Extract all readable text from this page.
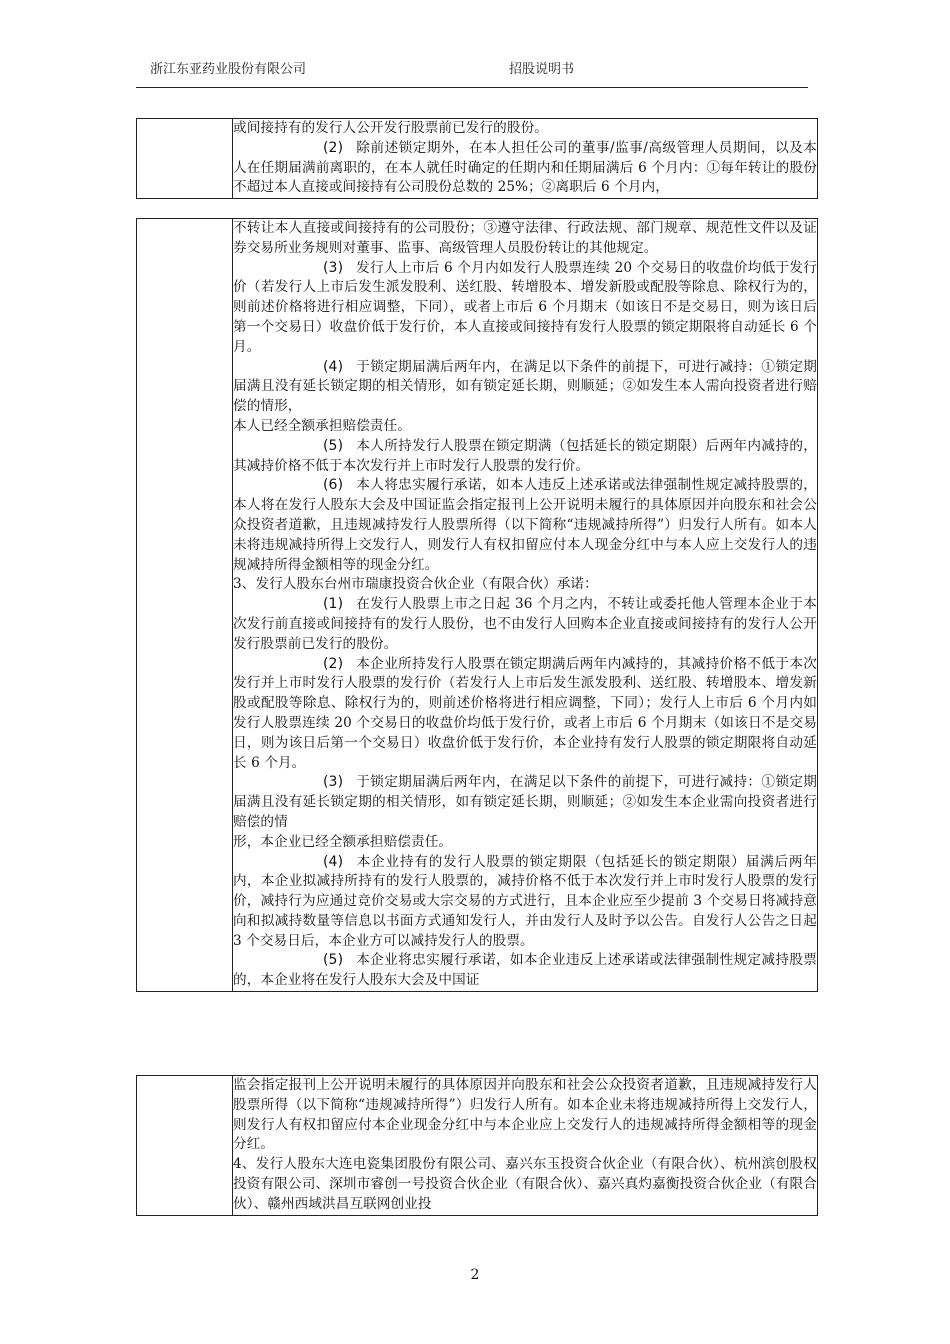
浙江东亚药业股份有限公司	招股说明书

或间接持有的发行人公开发行股票前已发行的股份。

(2) 除前述锁定期外，在本人担任公司的董事/监事/高级管理人员期间，以及本人在任期届满前离职的，在本人就任时确定的任期内和任期届满后 6 个月内：①每年转让的股份不超过本人直接或间接持有公司股份总数的 25%；②离职后 6 个月内，

不转让本人直接或间接持有的公司股份；③遵守法律、行政法规、部门规章、规范性文件以及证券交易所业务规则对董事、监事、高级管理人员股份转让的其他规定。

(3) 发行人上市后 6 个月内如发行人股票连续 20 个交易日的收盘价均低于发行价（若发行人上市后发生派发股利、送红股、转增股本、增发新股或配股等除息、除权行为的，则前述价格将进行相应调整，下同），或者上市后 6 个月期末（如该日不是交易日，则为该日后第一个交易日）收盘价低于发行价，本人直接或间接持有发行人股票的锁定期限将自动延长 6 个月。

(4) 于锁定期届满后两年内，在满足以下条件的前提下，可进行减持：①锁定期届满且没有延长锁定期的相关情形，如有锁定延长期，则顺延；②如发生本人需向投资者进行赔偿的情形，

本人已经全额承担赔偿责任。

(5) 本人所持发行人股票在锁定期满（包括延长的锁定期限）后两年内减持的，其减持价格不低于本次发行并上市时发行人股票的发行价。

(6) 本人将忠实履行承诺，如本人违反上述承诺或法律强制性规定减持股票的，本人将在发行人股东大会及中国证监会指定报刊上公开说明未履行的具体原因并向股东和社会公众投资者道歉，且违规减持发行人股票所得（以下简称“违规减持所得”）归发行人所有。如本人未将违规减持所得上交发行人，则发行人有权扣留应付本人现金分红中与本人应上交发行人的违规减持所得金额相等的现金分红。

3、发行人股东台州市瑞康投资合伙企业（有限合伙）承诺：

(1) 在发行人股票上市之日起 36 个月之内，不转让或委托他人管理本企业于本次发行前直接或间接持有的发行人股份，也不由发行人回购本企业直接或间接持有的发行人公开发行股票前已发行的股份。

(2) 本企业所持发行人股票在锁定期满后两年内减持的，其减持价格不低于本次发行并上市时发行人股票的发行价（若发行人上市后发生派发股利、送红股、转增股本、增发新股或配股等除息、除权行为的，则前述价格将进行相应调整，下同）；发行人上市后 6 个月内如发行人股票连续 20 个交易日的收盘价均低于发行价，或者上市后 6 个月期末（如该日不是交易日，则为该日后第一个交易日）收盘价低于发行价，本企业持有发行人股票的锁定期限将自动延长 6 个月。

(3) 于锁定期届满后两年内，在满足以下条件的前提下，可进行减持：①锁定期届满且没有延长锁定期的相关情形，如有锁定延长期，则顺延；②如发生本企业需向投资者进行赔偿的情

形，本企业已经全额承担赔偿责任。

(4) 本企业持有的发行人股票的锁定期限（包括延长的锁定期限）届满后两年内，本企业拟减持所持有的发行人股票的，减持价格不低于本次发行并上市时发行人股票的发行价，减持行为应通过竞价交易或大宗交易的方式进行，且本企业应至少提前 3 个交易日将减持意向和拟减持数量等信息以书面方式通知发行人，并由发行人及时予以公告。自发行人公告之日起 3 个交易日后，本企业方可以减持发行人的股票。

(5) 本企业将忠实履行承诺，如本企业违反上述承诺或法律强制性规定减持股票的，本企业将在发行人股东大会及中国证

监会指定报刊上公开说明未履行的具体原因并向股东和社会公众投资者道歉，且违规减持发行人股票所得（以下简称“违规减持所得”）归发行人所有。如本企业未将违规减持所得上交发行人，则发行人有权扣留应付本企业现金分红中与本企业应上交发行人的违规减持所得金额相等的现金分红。

4、发行人股东大连电瓷集团股份有限公司、嘉兴东玉投资合伙企业（有限合伙）、杭州滨创股权投资有限公司、深圳市睿创一号投资合伙企业（有限合伙）、嘉兴真灼嘉衡投资合伙企业（有限合伙）、赣州西域洪昌互联网创业投

2
